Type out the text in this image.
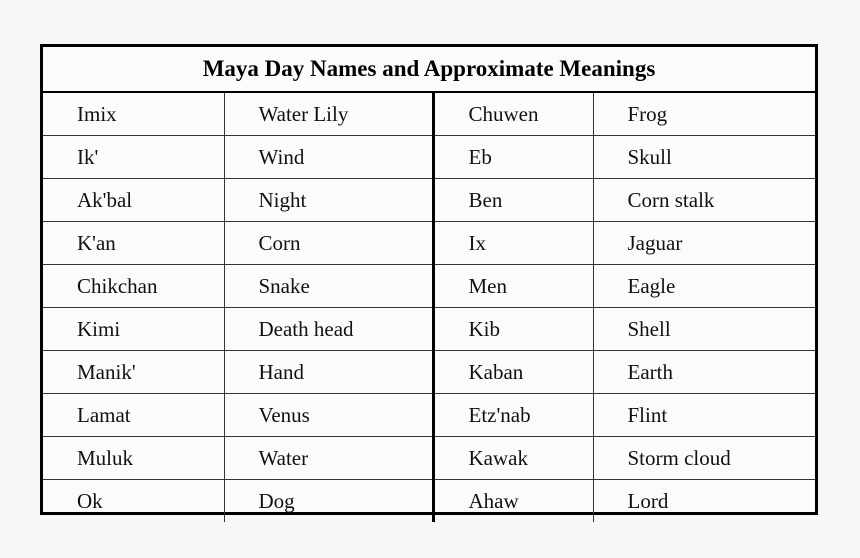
Maya Day Names and Approximate Meanings			
Imix	Water Lily	Chuwen	Frog
Ik'	Wind	Eb	Skull
Ak'bal	Night	Ben	Corn stalk
K'an	Corn	Ix	Jaguar
Chikchan	Snake	Men	Eagle
Kimi	Death head	Kib	Shell
Manik'	Hand	Kaban	Earth
Lamat	Venus	Etz'nab	Flint
Muluk	Water	Kawak	Storm cloud
Ok	Dog	Ahaw	Lord
